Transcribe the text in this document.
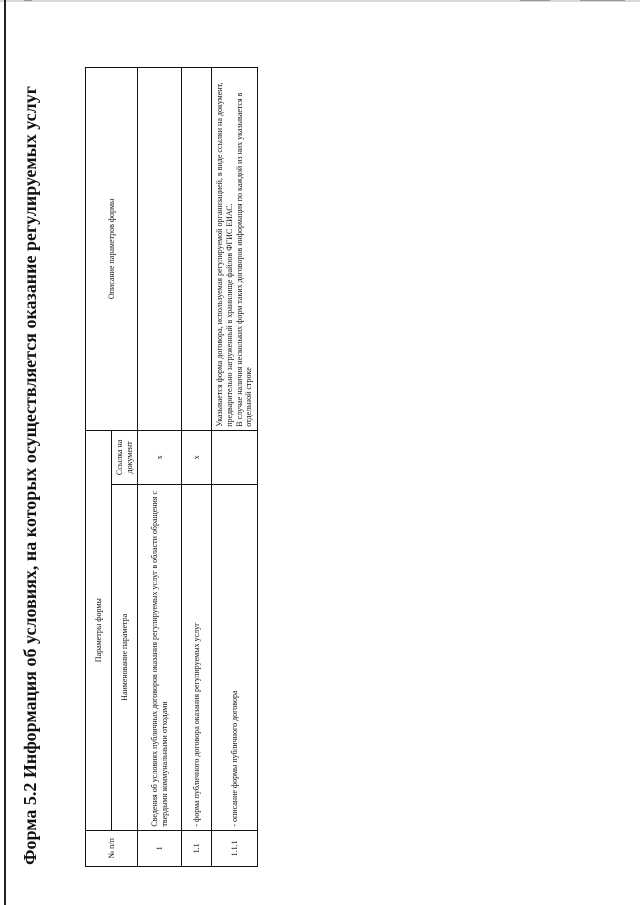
Форма 5.2 Информация об условиях, на которых осуществляется оказание регулируемых услуг	№ п/п	Параметры формы		Описание параметров формы
	Наименование параметра	Ссылка на документ	
1	Сведения об условиях публичных договоров оказания регулируемых услуг в области обращения с твердыми коммунальными отходами	x	
1.1	- форма публичного договора оказания регулируемых услуг	x	
1.1.1	- описание формы публичного договора		Указывается форма договора, используемая регулируемой организацией, в виде ссылки на документ, предварительно загруженный в хранилище файлов ФГИС ЕИАС. В случае наличия нескольких форм таких договоров информация по каждой из них указывается в отдельной строке
